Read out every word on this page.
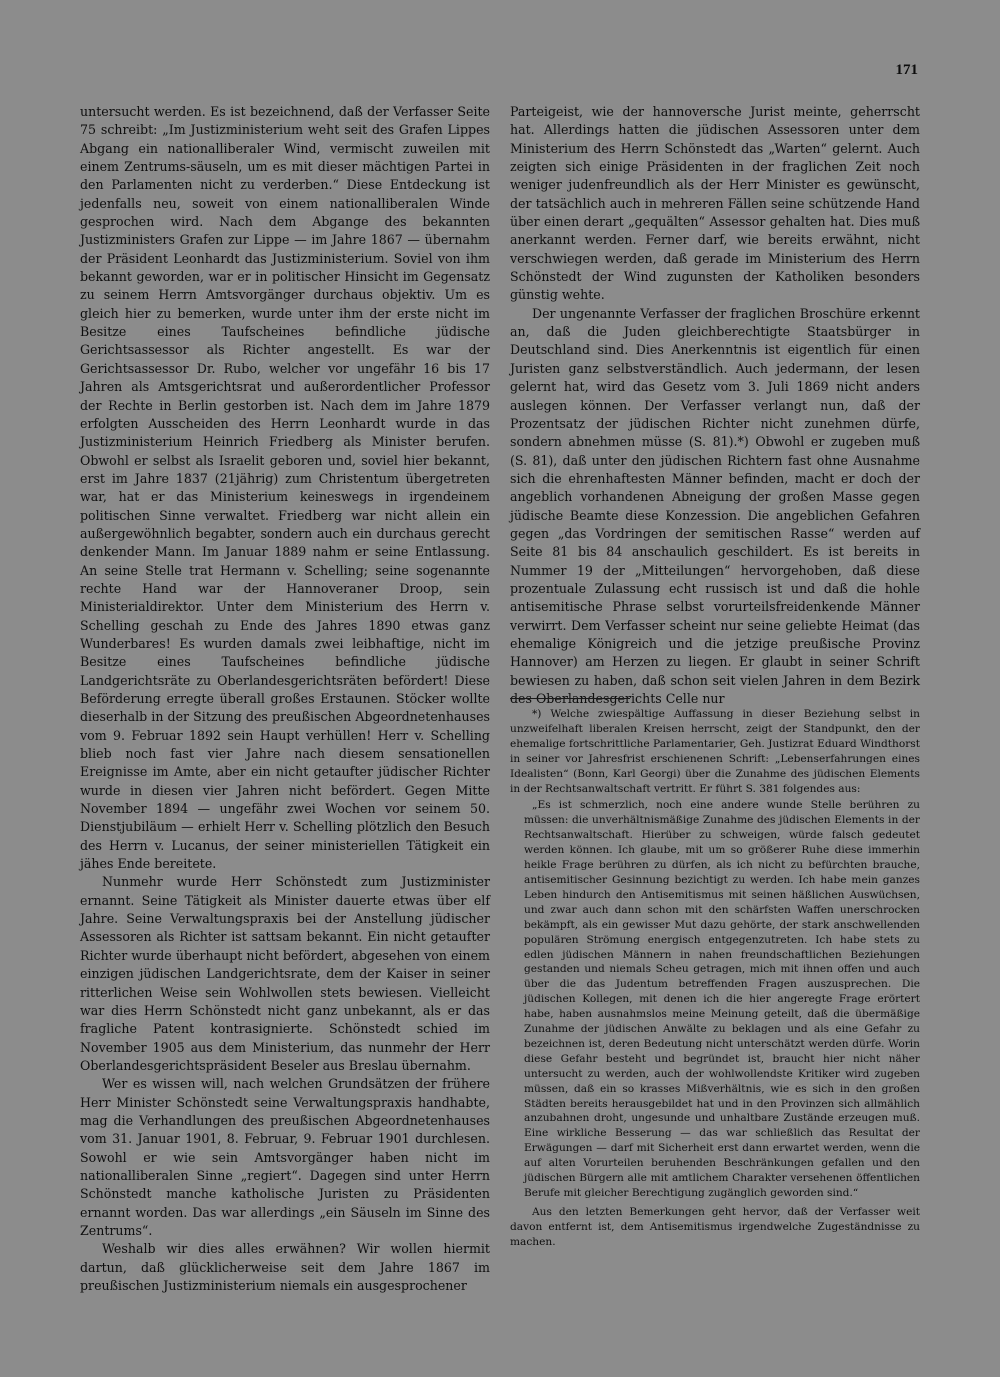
171

untersucht werden. Es ist bezeichnend, daß der Verfasser Seite 75 schreibt: „Im Justizministerium weht seit des Grafen Lippes Abgang ein nationalliberaler Wind, vermischt zuweilen mit einem Zentrums-säuseln, um es mit dieser mächtigen Partei in den Parlamenten nicht zu verderben.“ Diese Entdeckung ist jedenfalls neu, soweit von einem nationalliberalen Winde gesprochen wird. Nach dem Abgange des bekannten Justizministers Grafen zur Lippe — im Jahre 1867 — übernahm der Präsident Leonhardt das Justizministerium. Soviel von ihm bekannt geworden, war er in politischer Hinsicht im Gegensatz zu seinem Herrn Amtsvorgänger durchaus objektiv. Um es gleich hier zu bemerken, wurde unter ihm der erste nicht im Besitze eines Taufscheines befindliche jüdische Gerichtsassessor als Richter angestellt. Es war der Gerichtsassessor Dr. Rubo, welcher vor ungefähr 16 bis 17 Jahren als Amtsgerichtsrat und außerordentlicher Professor der Rechte in Berlin gestorben ist. Nach dem im Jahre 1879 erfolgten Ausscheiden des Herrn Leonhardt wurde in das Justizministerium Heinrich Friedberg als Minister berufen. Obwohl er selbst als Israelit geboren und, soviel hier bekannt, erst im Jahre 1837 (21jährig) zum Christentum übergetreten war, hat er das Ministerium keineswegs in irgendeinem politischen Sinne verwaltet. Friedberg war nicht allein ein außergewöhnlich begabter, sondern auch ein durchaus gerecht denkender Mann. Im Januar 1889 nahm er seine Entlassung. An seine Stelle trat Hermann v. Schelling; seine sogenannte rechte Hand war der Hannoveraner Droop, sein Ministerialdirektor. Unter dem Ministerium des Herrn v. Schelling geschah zu Ende des Jahres 1890 etwas ganz Wunderbares! Es wurden damals zwei leibhaftige, nicht im Besitze eines Taufscheines befindliche jüdische Landgerichtsräte zu Oberlandesgerichtsräten befördert! Diese Beförderung erregte überall großes Erstaunen. Stöcker wollte dieserhalb in der Sitzung des preußischen Abgeordnetenhauses vom 9. Februar 1892 sein Haupt verhüllen! Herr v. Schelling blieb noch fast vier Jahre nach diesem sensationellen Ereignisse im Amte, aber ein nicht getaufter jüdischer Richter wurde in diesen vier Jahren nicht befördert. Gegen Mitte November 1894 — ungefähr zwei Wochen vor seinem 50. Dienstjubiläum — erhielt Herr v. Schelling plötzlich den Besuch des Herrn v. Lucanus, der seiner ministeriellen Tätigkeit ein jähes Ende bereitete.

Nunmehr wurde Herr Schönstedt zum Justizminister ernannt. Seine Tätigkeit als Minister dauerte etwas über elf Jahre. Seine Verwaltungspraxis bei der Anstellung jüdischer Assessoren als Richter ist sattsam bekannt. Ein nicht getaufter Richter wurde überhaupt nicht befördert, abgesehen von einem einzigen jüdischen Landgerichtsrate, dem der Kaiser in seiner ritterlichen Weise sein Wohlwollen stets bewiesen. Vielleicht war dies Herrn Schönstedt nicht ganz unbekannt, als er das fragliche Patent kontrasignierte. Schönstedt schied im November 1905 aus dem Ministerium, das nunmehr der Herr Oberlandesgerichtspräsident Beseler aus Breslau übernahm.

Wer es wissen will, nach welchen Grundsätzen der frühere Herr Minister Schönstedt seine Verwaltungspraxis handhabte, mag die Verhandlungen des preußischen Abgeordnetenhauses vom 31. Januar 1901, 8. Februar, 9. Februar 1901 durchlesen. Sowohl er wie sein Amtsvorgänger haben nicht im nationalliberalen Sinne „regiert“. Dagegen sind unter Herrn Schönstedt manche katholische Juristen zu Präsidenten ernannt worden. Das war allerdings „ein Säuseln im Sinne des Zentrums“.

Weshalb wir dies alles erwähnen? Wir wollen hiermit dartun, daß glücklicherweise seit dem Jahre 1867 im preußischen Justizministerium niemals ein ausgesprochener

Parteigeist, wie der hannoversche Jurist meinte, geherrscht hat. Allerdings hatten die jüdischen Assessoren unter dem Ministerium des Herrn Schönstedt das „Warten“ gelernt. Auch zeigten sich einige Präsidenten in der fraglichen Zeit noch weniger judenfreundlich als der Herr Minister es gewünscht, der tatsächlich auch in mehreren Fällen seine schützende Hand über einen derart „gequälten“ Assessor gehalten hat. Dies muß anerkannt werden. Ferner darf, wie bereits erwähnt, nicht verschwiegen werden, daß gerade im Ministerium des Herrn Schönstedt der Wind zugunsten der Katholiken besonders günstig wehte.

Der ungenannte Verfasser der fraglichen Broschüre erkennt an, daß die Juden gleichberechtigte Staatsbürger in Deutschland sind. Dies Anerkenntnis ist eigentlich für einen Juristen ganz selbstverständlich. Auch jedermann, der lesen gelernt hat, wird das Gesetz vom 3. Juli 1869 nicht anders auslegen können. Der Verfasser verlangt nun, daß der Prozentsatz der jüdischen Richter nicht zunehmen dürfe, sondern abnehmen müsse (S. 81).*) Obwohl er zugeben muß (S. 81), daß unter den jüdischen Richtern fast ohne Ausnahme sich die ehrenhaftesten Männer befinden, macht er doch der angeblich vorhandenen Abneigung der großen Masse gegen jüdische Beamte diese Konzession. Die angeblichen Gefahren gegen „das Vordringen der semitischen Rasse“ werden auf Seite 81 bis 84 anschaulich geschildert. Es ist bereits in Nummer 19 der „Mitteilungen“ hervorgehoben, daß diese prozentuale Zulassung echt russisch ist und daß die hohle antisemitische Phrase selbst vorurteilsfreidenkende Männer verwirrt. Dem Verfasser scheint nur seine geliebte Heimat (das ehemalige Königreich und die jetzige preußische Provinz Hannover) am Herzen zu liegen. Er glaubt in seiner Schrift bewiesen zu haben, daß schon seit vielen Jahren in dem Bezirk des Oberlandesgerichts Celle nur

*) Welche zwiespältige Auffassung in dieser Beziehung selbst in unzweifelhaft liberalen Kreisen herrscht, zeigt der Standpunkt, den der ehemalige fortschrittliche Parlamentarier, Geh. Justizrat Eduard Windthorst in seiner vor Jahresfrist erschienenen Schrift: „Lebenserfahrungen eines Idealisten“ (Bonn, Karl Georgi) über die Zunahme des jüdischen Elements in der Rechtsanwaltschaft vertritt. Er führt S. 381 folgendes aus:

„Es ist schmerzlich, noch eine andere wunde Stelle berühren zu müssen: die unverhältnismäßige Zunahme des jüdischen Elements in der Rechtsanwaltschaft. Hierüber zu schweigen, würde falsch gedeutet werden können. Ich glaube, mit um so größerer Ruhe diese immerhin heikle Frage berühren zu dürfen, als ich nicht zu befürchten brauche, antisemitischer Gesinnung bezichtigt zu werden. Ich habe mein ganzes Leben hindurch den Antisemitismus mit seinen häßlichen Auswüchsen, und zwar auch dann schon mit den schärfsten Waffen unerschrocken bekämpft, als ein gewisser Mut dazu gehörte, der stark anschwellenden populären Strömung energisch entgegenzutreten. Ich habe stets zu edlen jüdischen Männern in nahen freundschaftlichen Beziehungen gestanden und niemals Scheu getragen, mich mit ihnen offen und auch über die das Judentum betreffenden Fragen auszusprechen. Die jüdischen Kollegen, mit denen ich die hier angeregte Frage erörtert habe, haben ausnahmslos meine Meinung geteilt, daß die übermäßige Zunahme der jüdischen Anwälte zu beklagen und als eine Gefahr zu bezeichnen ist, deren Bedeutung nicht unterschätzt werden dürfe. Worin diese Gefahr besteht und begründet ist, braucht hier nicht näher untersucht zu werden, auch der wohlwollendste Kritiker wird zugeben müssen, daß ein so krasses Mißverhältnis, wie es sich in den großen Städten bereits herausgebildet hat und in den Provinzen sich allmählich anzubahnen droht, ungesunde und unhaltbare Zustände erzeugen muß. Eine wirkliche Besserung — das war schließlich das Resultat der Erwägungen — darf mit Sicherheit erst dann erwartet werden, wenn die auf alten Vorurteilen beruhenden Beschränkungen gefallen und den jüdischen Bürgern alle mit amtlichem Charakter versehenen öffentlichen Berufe mit gleicher Berechtigung zugänglich geworden sind.“

Aus den letzten Bemerkungen geht hervor, daß der Verfasser weit davon entfernt ist, dem Antisemitismus irgendwelche Zugeständnisse zu machen.
